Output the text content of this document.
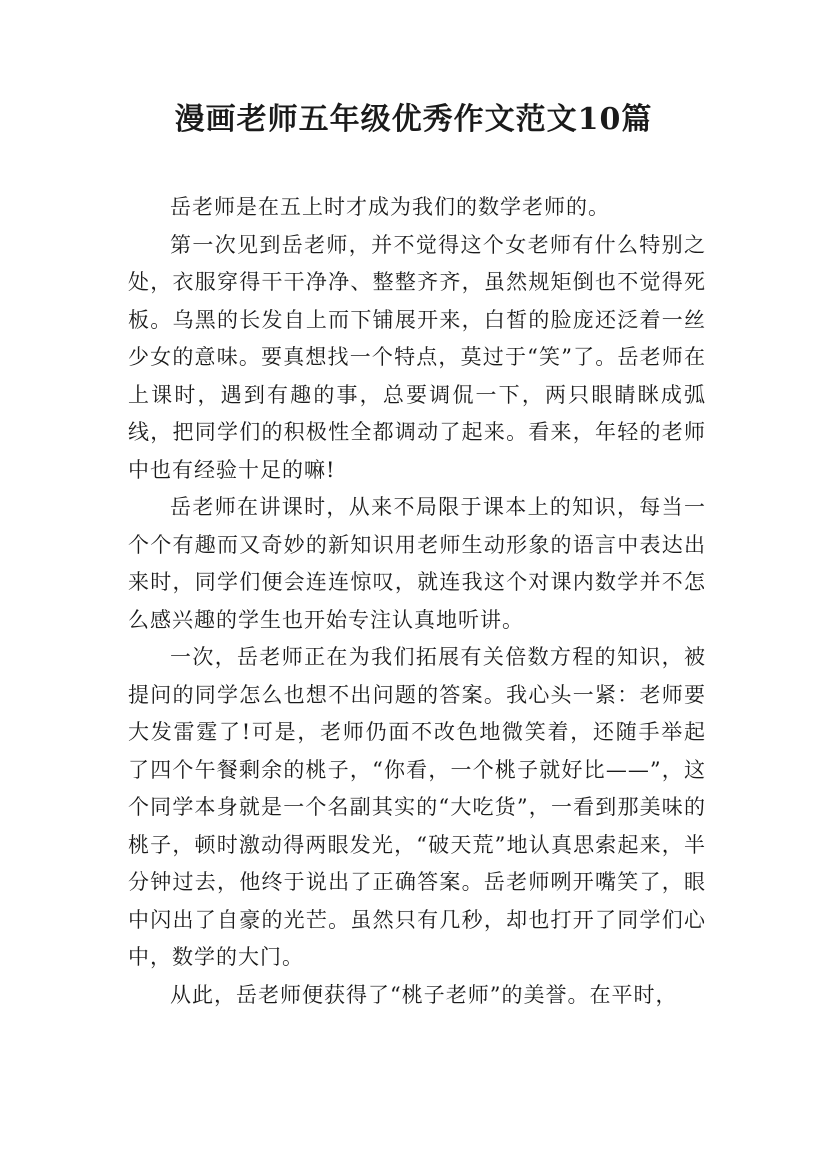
漫画老师五年级优秀作文范文10篇

岳老师是在五上时才成为我们的数学老师的。

第一次见到岳老师，并不觉得这个女老师有什么特别之处，衣服穿得干干净净、整整齐齐，虽然规矩倒也不觉得死板。乌黑的长发自上而下铺展开来，白皙的脸庞还泛着一丝少女的意味。要真想找一个特点，莫过于“笑”了。岳老师在上课时，遇到有趣的事，总要调侃一下，两只眼睛眯成弧线，把同学们的积极性全都调动了起来。看来，年轻的老师中也有经验十足的嘛!

岳老师在讲课时，从来不局限于课本上的知识，每当一个个有趣而又奇妙的新知识用老师生动形象的语言中表达出来时，同学们便会连连惊叹，就连我这个对课内数学并不怎么感兴趣的学生也开始专注认真地听讲。

一次，岳老师正在为我们拓展有关倍数方程的知识，被提问的同学怎么也想不出问题的答案。我心头一紧：老师要大发雷霆了!可是，老师仍面不改色地微笑着，还随手举起了四个午餐剩余的桃子，“你看，一个桃子就好比——”，这个同学本身就是一个名副其实的“大吃货”，一看到那美味的桃子，顿时激动得两眼发光，“破天荒”地认真思索起来，半分钟过去，他终于说出了正确答案。岳老师咧开嘴笑了，眼中闪出了自豪的光芒。虽然只有几秒，却也打开了同学们心中，数学的大门。

从此，岳老师便获得了“桃子老师”的美誉。在平时，
